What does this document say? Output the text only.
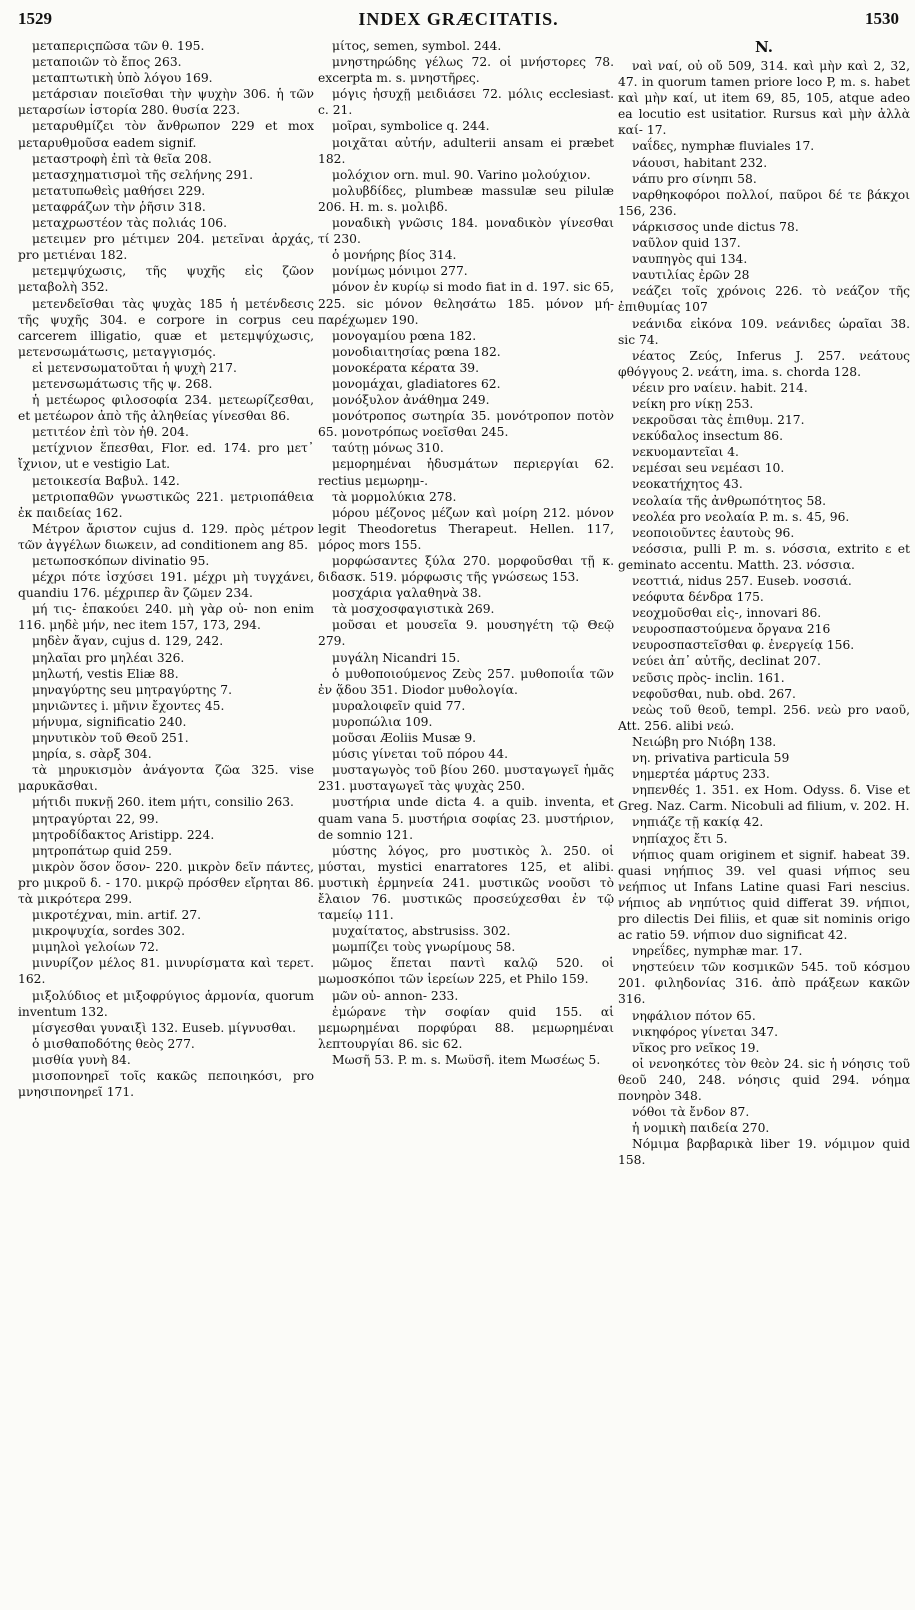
1529	INDEX GRÆCITATIS.	1530

μεταπεριςπῶσα τῶν θ. 195.

μεταποιῶν τὸ ἔπος 263.

μεταπτωτικὴ ὑπὸ λόγου 169.

μετάρσιαν ποιεῖσθαι τὴν ψυχὴν 306. ἡ τῶν μεταρσίων ἱστορία 280. θυσία 223.

μεταρυθμίζει τὸν ἄνθρωπον 229 et mox μεταρυθμοῦσα eadem signif.

μεταστροφὴ ἐπὶ τὰ θεῖα 208.

μετασχηματισμοὶ τῆς σελήνης 291.

μετατυπωθεὶς μαθήσει 229.

μεταφράζων τὴν ῥῆσιν 318.

μεταχρωστέον τὰς πολιάς 106.

μετειμεν pro μέτιμεν 204. μετεῖναι ἀρχάς, pro μετιέναι 182.

μετεμψύχωσις, τῆς ψυχῆς εἰς ζῶον μεταβολὴ 352.

μετενδεῖσθαι τὰς ψυχὰς 185 ἡ μετένδεσις τῆς ψυχῆς 304. e corpore in corpus ceu carcerem illigatio, quæ et μετεμψύχωσις, μετενσωμάτωσις, μεταγγισμός.

εἰ μετενσωματοῦται ἡ ψυχὴ 217.

μετενσωμάτωσις τῆς ψ. 268.

ἡ μετέωρος φιλοσοφία 234. μετεωρίζεσθαι, et μετέωρον ἀπὸ τῆς ἀληθείας γίνεσθαι 86.

μετιτέον ἐπὶ τὸν ἠθ. 204.

μετίχνιον ἕπεσθαι, Flor. ed. 174. pro μετ᾽ ἴχνιον, ut e vestigio Lat.

μετοικεσία Βαβυλ. 142.

μετριοπαθῶν γνωστικῶς 221. μετριοπάθεια ἐκ παιδείας 162.

Μέτρον ἄριστον cujus d. 129. πρὸς μέτρον τῶν ἀγγέλων διωκειν, ad conditionem ang 85.

μετωποσκόπων divinatio 95.

μέχρι πότε ἰσχύσει 191. μέχρι μὴ τυγχάνει, quandiu 176. μέχριπερ ἂν ζῶμεν 234.

μή τις- ἐπακούει 240. μὴ γὰρ οὐ- non enim 116. μηδὲ μήν, nec item 157, 173, 294.

μηδὲν ἄγαν, cujus d. 129, 242.

μηλαῖαι pro μηλέαι 326.

μηλωτή, vestis Eliæ 88.

μηναγύρτης seu μητραγύρτης 7.

μηνιῶντες i. μῆνιν ἔχοντες 45.

μήνυμα, significatio 240.

μηνυτικὸν τοῦ Θεοῦ 251.

μηρία, s. σὰρξ 304.

τὰ μηρυκισμὸν ἀνάγοντα ζῶα 325. vise μαρυκᾶσθαι.

μήτιδι πυκνῇ 260. item μήτι, consilio 263.

μητραγύρται 22, 99.

μητροδίδακτος Aristipp. 224.

μητροπάτωρ quid 259.

μικρὸν ὅσον ὅσον- 220. μικρὸν δεῖν πάντες, pro μικροῦ δ. - 170. μικρῷ πρόσθεν εἴρηται 86. τὰ μικρότερα 299.

μικροτέχναι, min. artif. 27.

μικροψυχία, sordes 302.

μιμηλοὶ γελοίων 72.

μινυρίζον μέλος 81. μινυρίσματα καὶ τερετ. 162.

μιξολύδιος et μιξοφρύγιος ἁρμονία, quorum inventum 132.

μίσγεσθαι γυναιξὶ 132. Euseb. μίγνυσθαι.

ὁ μισθαποδότης θεὸς 277.

μισθία γυνὴ 84.

μισοπονηρεῖ τοῖς κακῶς πεποιηκόσι, pro μνησιπονηρεῖ 171.

μίτος, semen, symbol. 244.

μνηστηρώδης γέλως 72. οἱ μνήστορες 78. excerpta m. s. μνηστῆρες.

μόγις ἡσυχῇ μειδιάσει 72. μόλις ecclesiast. c. 21.

μοῖραι, symbolice q. 244.

μοιχᾶται αὐτήν, adulterii ansam ei præbet 182.

μολόχιον orn. mul. 90. Varino μολούχιον.

μολυβδίδες, plumbeæ massulæ seu pilulæ 206. H. m. s. μολιβδ.

μοναδικὴ γνῶσις 184. μοναδικὸν γίνεσθαι τί 230.

ὁ μονήρης βίος 314.

μονίμως μόνιμοι 277.

μόνον ἐν κυρίῳ si modo fiat in d. 197. sic 65, 225. sic μόνον θελησάτω 185. μόνον μή- παρέχωμεν 190.

μονογαμίου pœna 182.

μονοδιαιτησίας pœna 182.

μονοκέρατα κέρατα 39.

μονομάχαι, gladiatores 62.

μονόξυλον ἀνάθημα 249.

μονότροπος σωτηρία 35. μονότροπον ποτὸν 65. μονοτρόπως νοεῖσθαι 245.

ταύτῃ μόνως 310.

μεμορημέναι ἡδυσμάτων περιεργίαι 62. rectius μεμωρημ-.

τὰ μορμολύκια 278.

μόρου μέζονος μέζων καὶ μοίρη 212. μόνον legit Theodoretus Therapeut. Hellen. 117, μόρος mors 155.

μορφώσαντες ξύλα 270. μορφοῦσθαι τῇ κ. διδασκ. 519. μόρφωσις τῆς γνώσεως 153.

μοσχάρια γαλαθηνὰ 38.

τὰ μοσχοσφαγιστικὰ 269.

μοῦσαι et μουσεῖα 9. μουσηγέτη τῷ Θεῷ 279.

μυγάλη Nicandri 15.

ὁ μυθοποιούμενος Ζεὺς 257. μυθοποιΐα τῶν ἐν ᾅδου 351. Diodor μυθολογία.

μυραλοιφεῖν quid 77.

μυροπώλια 109.

μοῦσαι Æoliis Musæ 9.

μύσις γίνεται τοῦ πόρου 44.

μυσταγωγὸς τοῦ βίου 260. μυσταγωγεῖ ἡμᾶς 231. μυσταγωγεῖ τὰς ψυχὰς 250.

μυστήρια unde dicta 4. a quib. inventa, et quam vana 5. μυστήρια σοφίας 23. μυστήριον, de somnio 121.

μύστης λόγος, pro μυστικὸς λ. 250. οἱ μύσται, mystici enarratores 125, et alibi. μυστικὴ ἑρμηνεία 241. μυστικῶς νοοῦσι τὸ ἔλαιον 76. μυστικῶς προσεύχεσθαι ἐν τῷ ταμείῳ 111.

μυχαίτατος, abstrusiss. 302.

μωμπίζει τοὺς γνωρίμους 58.

μῶμος ἕπεται παντὶ καλῷ 520. οἱ μωμοσκόποι τῶν ἱερείων 225, et Philo 159.

μῶν οὐ- annon- 233.

ἐμώρανε τὴν σοφίαν quid 155. αἱ μεμωρημέναι πορφύραι 88. μεμωρημέναι λεπτουργίαι 86. sic 62.

Μωσῆ 53. P. m. s. Μωϋσῆ. item Μωσέως 5.

N.

ναὶ ναί, οὐ οὔ 509, 314. καὶ μὴν καὶ 2, 32, 47. in quorum tamen priore loco P, m. s. habet καὶ μὴν καί, ut item 69, 85, 105, atque adeo ea locutio est usitatior. Rursus καὶ μὴν ἀλλὰ καί- 17.

ναΐδες, nymphæ fluviales 17.

νάουσι, habitant 232.

νάπυ pro σίνηπι 58.

ναρθηκοφόροι πολλοί, παῦροι δέ τε βάκχοι 156, 236.

νάρκισσος unde dictus 78.

ναῦλον quid 137.

ναυπηγὸς qui 134.

ναυτιλίας ἐρῶν 28

νεάζει τοῖς χρόνοις 226. τὸ νεάζον τῆς ἐπιθυμίας 107

νεάνιδα εἰκόνα 109. νεάνιδες ὡραῖαι 38. sic 74.

νέατος Ζεύς, Inferus J. 257. νεάτους φθόγγους 2. νεάτη, ima. s. chorda 128.

νέειν pro ναίειν. habit. 214.

νείκη pro νίκῃ 253.

νεκροῦσαι τὰς ἐπιθυμ. 217.

νεκύδαλος insectum 86.

νεκυομαντεῖαι 4.

νεμέσαι seu νεμέασι 10.

νεοκατήχητος 43.

νεολαία τῆς ἀνθρωπότητος 58.

νεολέα pro νεολαία P. m. s. 45, 96.

νεοποιοῦντες ἑαυτοὺς 96.

νεόσσια, pulli P. m. s. νόσσια, extrito ε et geminato accentu. Matth. 23. νόσσια.

νεοττιά, nidus 257. Euseb. νοσσιά.

νεόφυτα δένδρα 175.

νεοχμοῦσθαι εἰς-, innovari 86.

νευροσπαστούμενα ὄργανα 216

νευροσπαστεῖσθαι φ. ἐνεργείᾳ 156.

νεύει ἀπ᾽ αὐτῆς, declinat 207.

νεῦσις πρὸς- inclin. 161.

νεφοῦσθαι, nub. obd. 267.

νεὼς τοῦ θεοῦ, templ. 256. νεὼ pro ναοῦ, Att. 256. alibi νεώ.

Νειώβη pro Νιόβη 138.

νη. privativa particula 59

νημερτέα μάρτυς 233.

νηπενθές 1. 351. ex Hom. Odyss. δ. Vise et Greg. Naz. Carm. Nicobuli ad filium, v. 202. H.

νηπιάζε τῇ κακίᾳ 42.

νηπίαχος ἔτι 5.

νήπιος quam originem et signif. habeat 39. quasi νηήπιος 39. vel quasi νήπιος seu νεήπιος ut Infans Latine quasi Fari nescius. νήπιος ab νηπύτιος quid differat 39. νήπιοι, pro dilectis Dei filiis, et quæ sit nominis origo ac ratio 59. νήπιον duo significat 42.

νηρεΐδες, nymphæ mar. 17.

νηστεύειν τῶν κοσμικῶν 545. τοῦ κόσμου 201. φιληδονίας 316. ἀπὸ πράξεων κακῶν 316.

νηφάλιον πότον 65.

νικηφόρος γίνεται 347.

νῖκος pro νεῖκος 19.

οἱ νενοηκότες τὸν θεὸν 24. sic ἡ νόησις τοῦ θεοῦ 240, 248. νόησις quid 294. νόημα πονηρὸν 348.

νόθοι τὰ ἔνδον 87.

ἡ νομικὴ παιδεία 270.

Νόμιμα βαρβαρικὰ liber 19. νόμιμον quid 158.
